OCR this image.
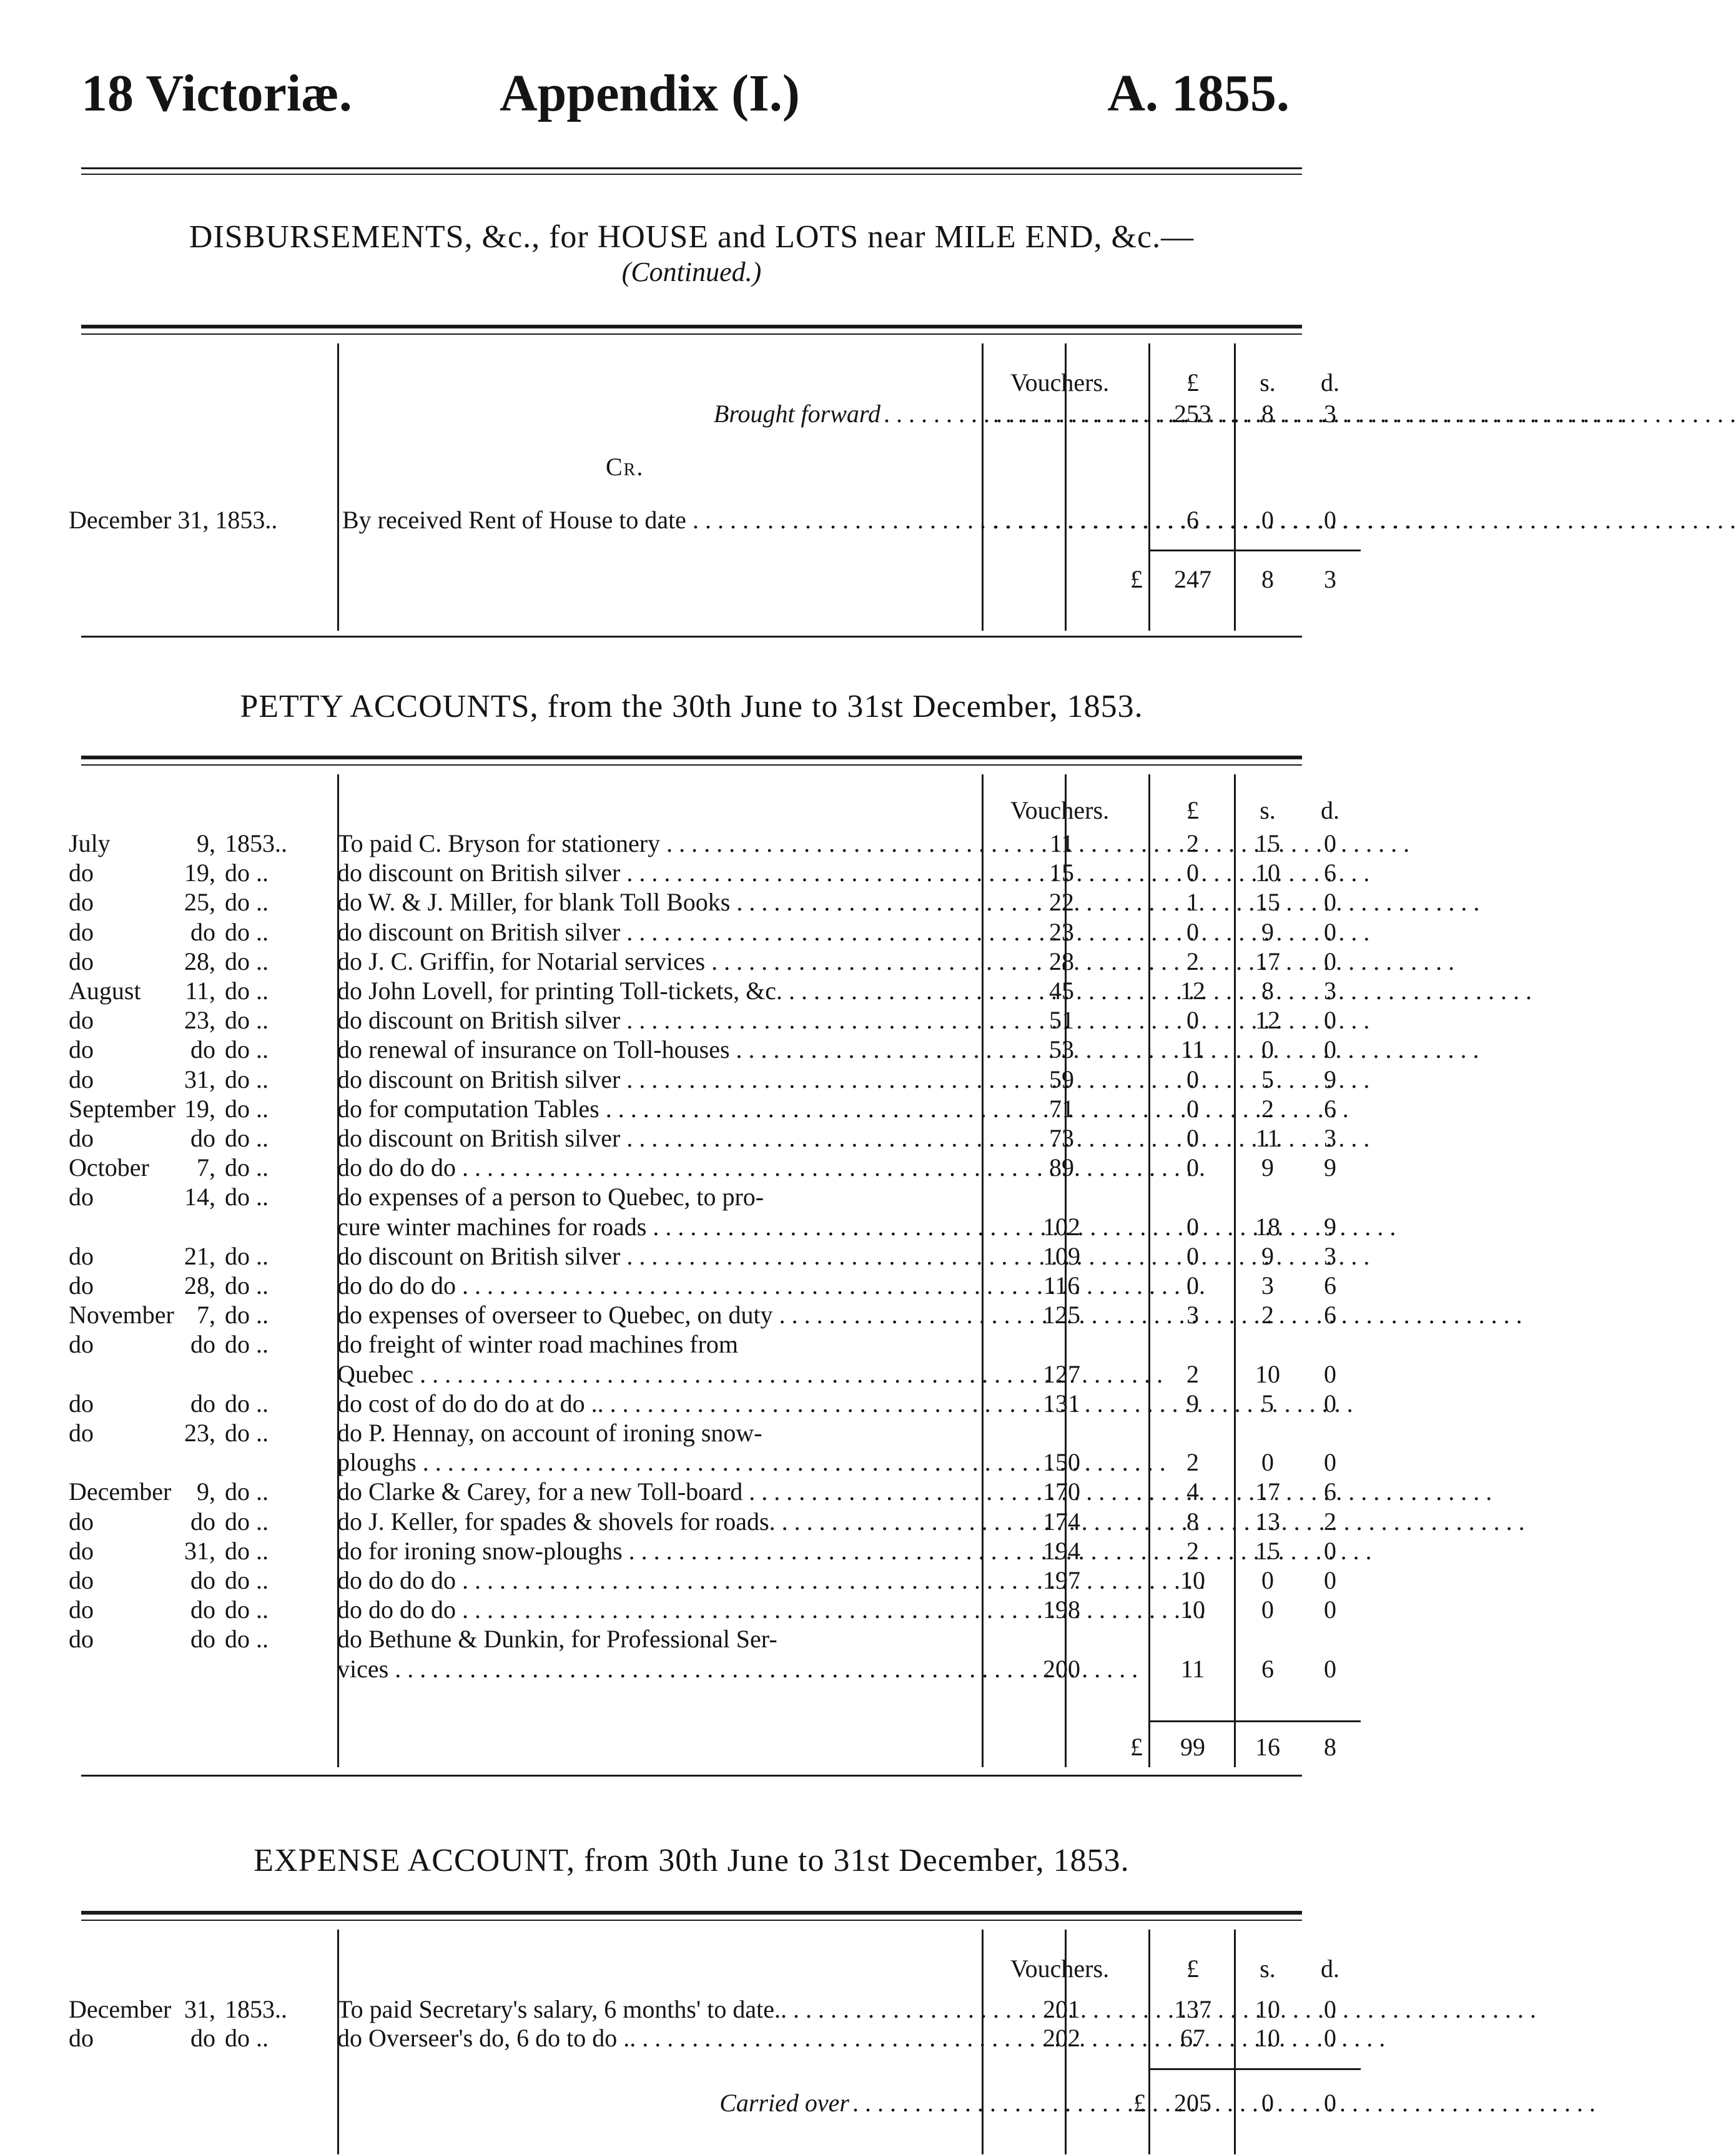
18 Victoriæ.	Appendix (I.)	A. 1855.
DISBURSEMENTS, &c., for HOUSE and LOTS near MILE END, &c.—
(Continued.)
Vouchers.	£	s.	d.
Brought forward . . . . . .	253	8	3
Cr.
December 31, 1853..	By received Rent of House to date . . . . . .	6	0	0
£	247	8	3
PETTY ACCOUNTS, from the 30th June to 31st December, 1853.
Vouchers.	£	s.	d.
July	9, 1853..	To paid C. Bryson for stationery . . .	11	2	15	0
do	19, do ..	do discount on British silver . . .	15	0	10	6
do	25, do ..	do W. & J. Miller, for blank Toll Books . . .	22	1	15	0
do	do do ..	do discount on British silver . . .	23	0	9	0
do	28, do ..	do J. C. Griffin, for Notarial services . . .	28	2	17	0
August	11, do ..	do John Lovell, for printing Toll-tickets, &c. . . .	45	12	8	3
do	23, do ..	do discount on British silver . . .	51	0	12	0
do	do do ..	do renewal of insurance on Toll-houses . . .	53	11	0	0
do	31, do ..	do discount on British silver . . .	59	0	5	9
September 19, do ..	do for computation Tables . . .	71	0	2	6
do	do do ..	do discount on British silver . . .	73	0	11	3
October	7, do ..	do do do do . . .	89	0	9	9
do	14, do ..	do expenses of a person to Quebec, to pro-
cure winter machines for roads . . .	102	0	18	9
do	21, do ..	do discount on British silver . . .	109	0	9	3
do	28, do ..	do do do do . . .	116	0	3	6
November 7, do ..	do expenses of overseer to Quebec, on duty . . .	125	3	2	6
do	do do ..	do freight of winter road machines from
Quebec . . .	127	2	10	0
do	do do ..	do cost of do do do at do .. . . .	131	9	5	0
do	23, do ..	do P. Hennay, on account of ironing snow-
ploughs . . .	150	2	0	0
December	9, do ..	do Clarke & Carey, for a new Toll-board . . .	170	4	17	6
do	do do ..	do J. Keller, for spades & shovels for roads. . . .	174	8	13	2
do	31, do ..	do for ironing snow-ploughs . . .	194	2	15	0
do	do do ..	do do do do . . .	197	10	0	0
do	do do ..	do do do do . . .	198	10	0	0
do	do do ..	do Bethune & Dunkin, for Professional Ser-
vices . . .	200	11	6	0
£	99	16	8
EXPENSE ACCOUNT, from 30th June to 31st December, 1853.
Vouchers.	£	s.	d.
December 31, 1853..	To paid Secretary's salary, 6 months' to date.. . . .	201	137	10	0
do	do do ..	do Overseer's do, 6 do to do .. . . .	202	67	10	0
Carried over . . .	£	205	0	0
